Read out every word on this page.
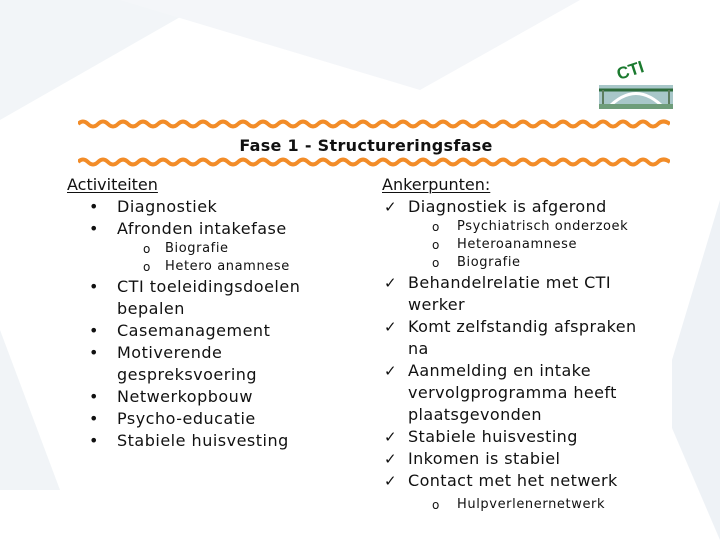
CTI
Fase 1 - Structureringsfase
Activiteiten
• Diagnostiek
• Afronden intakefase
o Biografie
o Hetero anamnese
• CTI toeleidingsdoelen
bepalen
• Casemanagement
• Motiverende
gespreksvoering
• Netwerkopbouw
• Psycho-educatie
• Stabiele huisvesting
Ankerpunten:
✓ Diagnostiek is afgerond
o Psychiatrisch onderzoek
o Heteroanamnese
o Biografie
✓ Behandelrelatie met CTI
werker
✓ Komt zelfstandig afspraken
na
✓ Aanmelding en intake
vervolgprogramma heeft
plaatsgevonden
✓ Stabiele huisvesting
✓ Inkomen is stabiel
✓ Contact met het netwerk
o Hulpverlenernetwerk
